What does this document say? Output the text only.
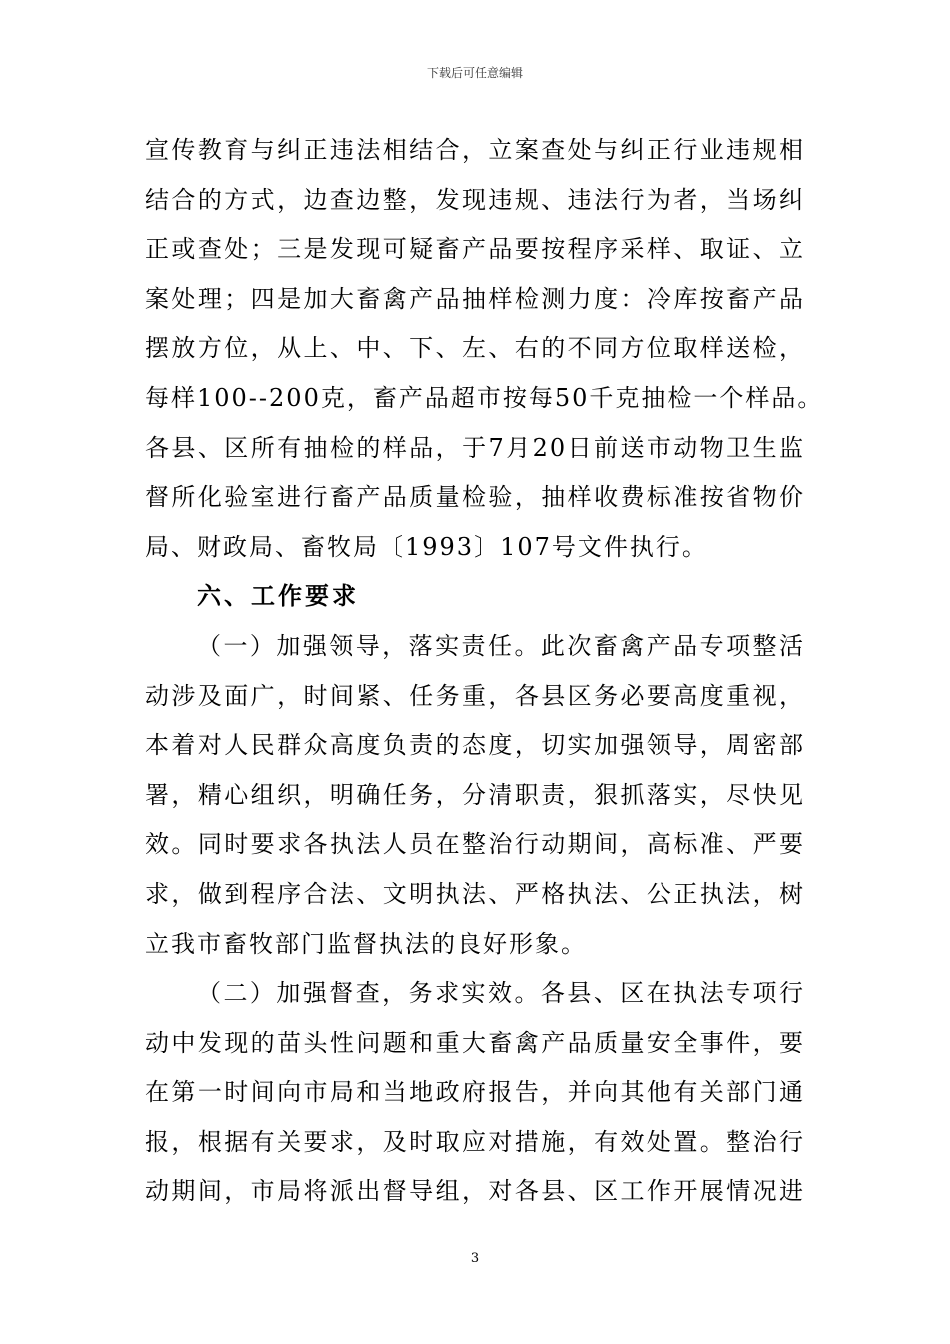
下载后可任意编辑
宣传教育与纠正违法相结合，立案查处与纠正行业违规相
结合的方式，边查边整，发现违规、违法行为者，当场纠
正或查处；三是发现可疑畜产品要按程序采样、取证、立
案处理；四是加大畜禽产品抽样检测力度：冷库按畜产品
摆放方位，从上、中、下、左、右的不同方位取样送检，
每样100--200克，畜产品超市按每50千克抽检一个样品。
各县、区所有抽检的样品，于7月20日前送市动物卫生监
督所化验室进行畜产品质量检验，抽样收费标准按省物价
局、财政局、畜牧局〔1993〕107号文件执行。
六、工作要求
（一）加强领导，落实责任。此次畜禽产品专项整活
动涉及面广，时间紧、任务重，各县区务必要高度重视，
本着对人民群众高度负责的态度，切实加强领导，周密部
署，精心组织，明确任务，分清职责，狠抓落实，尽快见
效。同时要求各执法人员在整治行动期间，高标准、严要
求，做到程序合法、文明执法、严格执法、公正执法，树
立我市畜牧部门监督执法的良好形象。
（二）加强督查，务求实效。各县、区在执法专项行
动中发现的苗头性问题和重大畜禽产品质量安全事件，要
在第一时间向市局和当地政府报告，并向其他有关部门通
报，根据有关要求，及时取应对措施，有效处置。整治行
动期间，市局将派出督导组，对各县、区工作开展情况进
3
